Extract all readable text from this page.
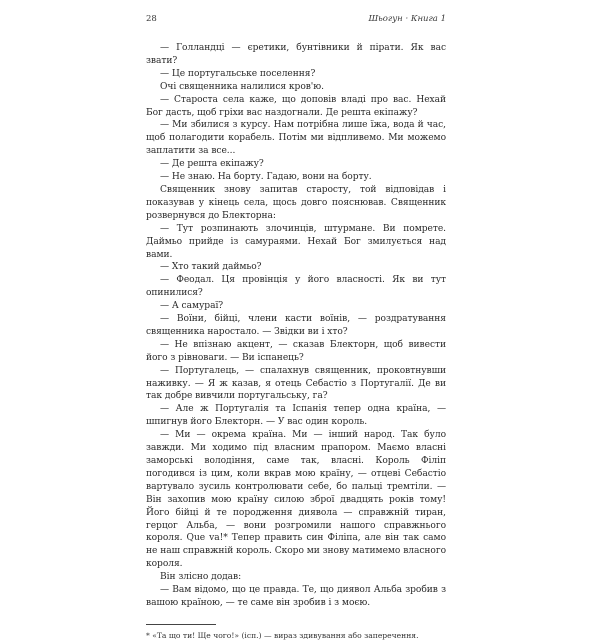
28	Шьогун · Книга 1

— Голландці — єретики, бунтівники й пірати. Як вас звати?

— Це португальське поселення?

Очі священника налилися кров'ю.

— Староста села каже, що доповів владі про вас. Нехай Бог дасть, щоб гріхи вас наздогнали. Де решта екіпажу?

— Ми збилися з курсу. Нам потрібна лише їжа, вода й час, щоб полагодити корабель. Потім ми відпливемо. Ми можемо заплатити за все...

— Де решта екіпажу?

— Не знаю. На борту. Гадаю, вони на борту.

Священник знову запитав старосту, той відповідав і показував у кінець села, щось довго пояснював. Священник розвернувся до Блекторна:

— Тут розпинають злочинців, штурмане. Ви помрете. Даймьо прийде із самураями. Нехай Бог змилується над вами.

— Хто такий даймьо?

— Феодал. Ця провінція у його власності. Як ви тут опинилися?

— А самураї?

— Воїни, бійці, члени касти воїнів, — роздратування священника наростало. — Звідки ви і хто?

— Не впізнаю акцент, — сказав Блекторн, щоб вивести його з рівноваги. — Ви іспанець?

— Португалець, — спалахнув священник, проковтнувши наживку. — Я ж казав, я отець Себастіо з Португалії. Де ви так добре вивчили португальську, га?

— Але ж Португалія та Іспанія тепер одна країна, — шпигнув його Блекторн. — У вас один король.

— Ми — окрема країна. Ми — інший народ. Так було завжди. Ми ходимо під власним прапором. Маємо власні заморські володіння, саме так, власні. Король Філіп погодився із цим, коли вкрав мою країну, — отцеві Себастіо вартувало зусиль контролювати себе, бо пальці тремтіли. — Він захопив мою країну силою зброї двадцять років тому! Його бійці й те породження диявола — справжній тиран, герцог Альба, — вони розгромили нашого справжнього короля. Que va!* Тепер править син Філіпа, але він так само не наш справжній король. Скоро ми знову матимемо власного короля.

Він злісно додав:

— Вам відомо, що це правда. Те, що диявол Альба зробив з вашою країною, — те саме він зробив і з моєю.

* «Та що ти! Ще чого!» (ісп.) — вираз здивування або заперечення.
